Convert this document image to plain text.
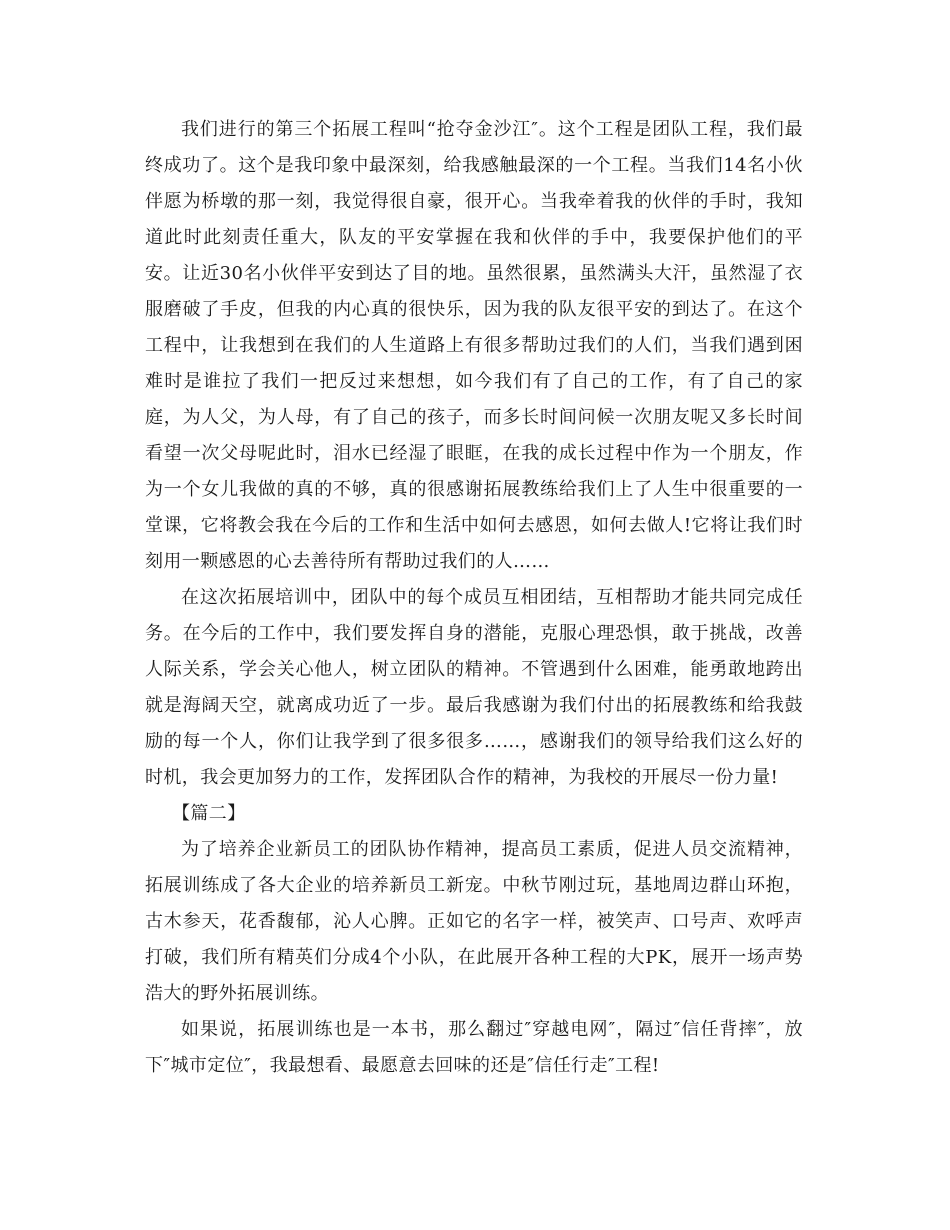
我们进行的第三个拓展工程叫“抢夺金沙江″。这个工程是团队工程，我们最终成功了。这个是我印象中最深刻，给我感触最深的一个工程。当我们14名小伙伴愿为桥墩的那一刻，我觉得很自豪，很开心。当我牵着我的伙伴的手时，我知道此时此刻责任重大，队友的平安掌握在我和伙伴的手中，我要保护他们的平安。让近30名小伙伴平安到达了目的地。虽然很累，虽然满头大汗，虽然湿了衣服磨破了手皮，但我的内心真的很快乐，因为我的队友很平安的到达了。在这个工程中，让我想到在我们的人生道路上有很多帮助过我们的人们，当我们遇到困难时是谁拉了我们一把反过来想想，如今我们有了自己的工作，有了自己的家庭，为人父，为人母，有了自己的孩子，而多长时间问候一次朋友呢又多长时间看望一次父母呢此时，泪水已经湿了眼眶，在我的成长过程中作为一个朋友，作为一个女儿我做的真的不够，真的很感谢拓展教练给我们上了人生中很重要的一堂课，它将教会我在今后的工作和生活中如何去感恩，如何去做人!它将让我们时刻用一颗感恩的心去善待所有帮助过我们的人……

在这次拓展培训中，团队中的每个成员互相团结，互相帮助才能共同完成任务。在今后的工作中，我们要发挥自身的潜能，克服心理恐惧，敢于挑战，改善人际关系，学会关心他人，树立团队的精神。不管遇到什么困难，能勇敢地跨出就是海阔天空，就离成功近了一步。最后我感谢为我们付出的拓展教练和给我鼓励的每一个人，你们让我学到了很多很多……，感谢我们的领导给我们这么好的时机，我会更加努力的工作，发挥团队合作的精神，为我校的开展尽一份力量!

【篇二】

为了培养企业新员工的团队协作精神，提高员工素质，促进人员交流精神，拓展训练成了各大企业的培养新员工新宠。中秋节刚过玩，基地周边群山环抱，古木参天，花香馥郁，沁人心脾。正如它的名字一样，被笑声、口号声、欢呼声打破，我们所有精英们分成4个小队，在此展开各种工程的大PK，展开一场声势浩大的野外拓展训练。

如果说，拓展训练也是一本书，那么翻过″穿越电网″，隔过″信任背摔″，放下″城市定位″，我最想看、最愿意去回味的还是″信任行走″工程!
